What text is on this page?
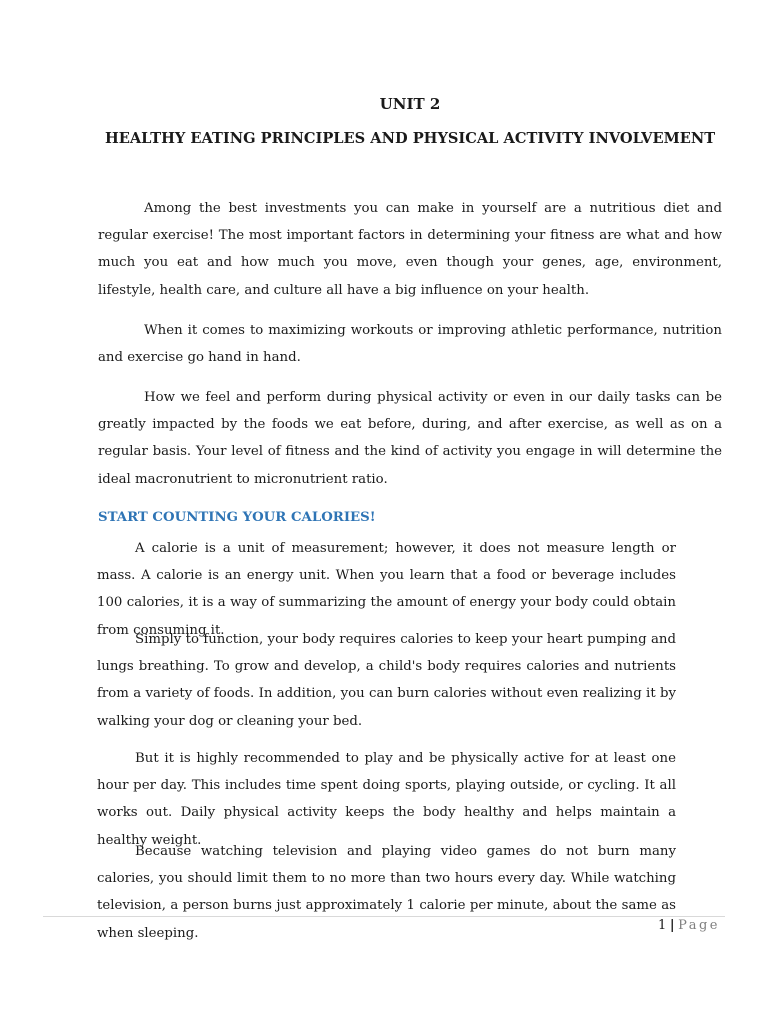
UNIT 2
HEALTHY EATING PRINCIPLES AND PHYSICAL ACTIVITY INVOLVEMENT

Among the best investments you can make in yourself are a nutritious diet and regular exercise! The most important factors in determining your fitness are what and how much you eat and how much you move, even though your genes, age, environment, lifestyle, health care, and culture all have a big influence on your health.

When it comes to maximizing workouts or improving athletic performance, nutrition and exercise go hand in hand.

How we feel and perform during physical activity or even in our daily tasks can be greatly impacted by the foods we eat before, during, and after exercise, as well as on a regular basis. Your level of fitness and the kind of activity you engage in will determine the ideal macronutrient to micronutrient ratio.

START COUNTING YOUR CALORIES!

A calorie is a unit of measurement; however, it does not measure length or mass. A calorie is an energy unit. When you learn that a food or beverage includes 100 calories, it is a way of summarizing the amount of energy your body could obtain from consuming it.

Simply to function, your body requires calories to keep your heart pumping and lungs breathing. To grow and develop, a child's body requires calories and nutrients from a variety of foods. In addition, you can burn calories without even realizing it by walking your dog or cleaning your bed.

But it is highly recommended to play and be physically active for at least one hour per day. This includes time spent doing sports, playing outside, or cycling. It all works out. Daily physical activity keeps the body healthy and helps maintain a healthy weight.

Because watching television and playing video games do not burn many calories, you should limit them to no more than two hours every day. While watching television, a person burns just approximately 1 calorie per minute, about the same as when sleeping.

1 | Page
